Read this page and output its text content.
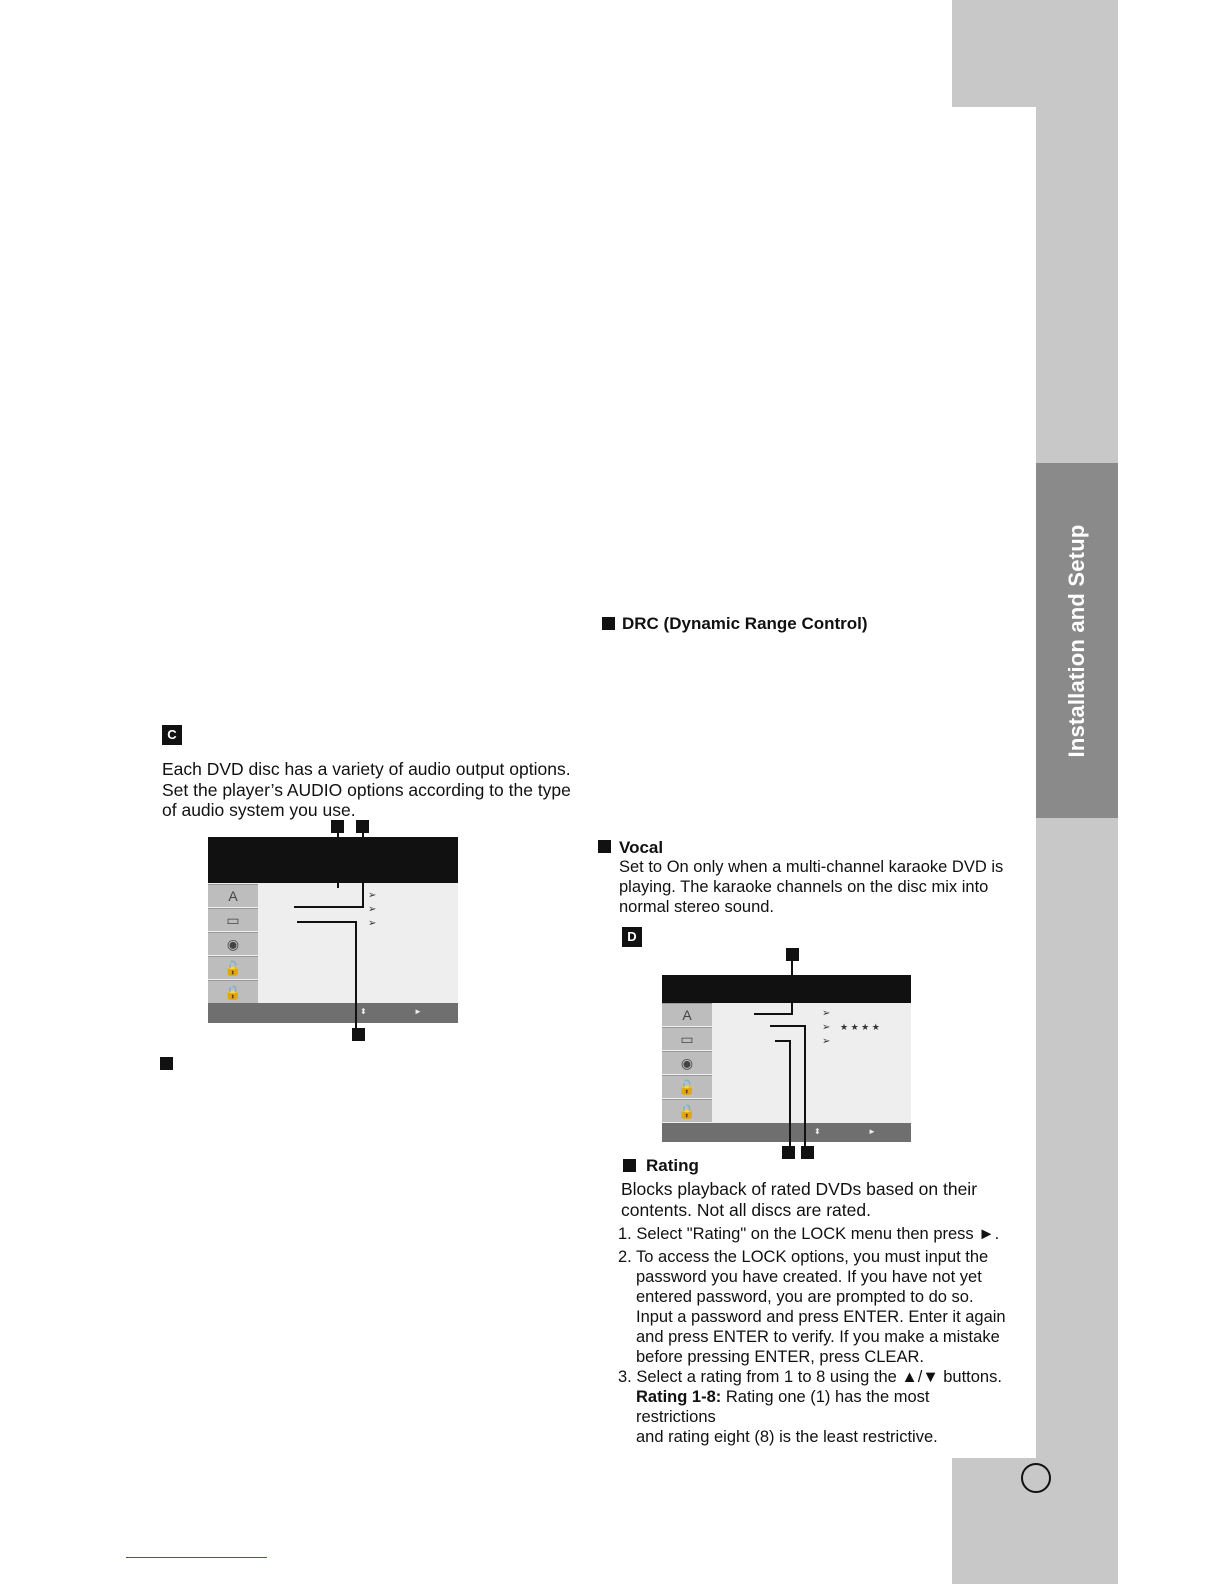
Installation and Setup
C
Each DVD disc has a variety of audio output options.
Set the player’s AUDIO options according to the type
of audio system you use.
A
▭
◉
🔓
🔒
➢
➢
➢
⬍	►
DRC (Dynamic Range Control)
Vocal
Set to On only when a multi-channel karaoke DVD is
playing. The karaoke channels on the disc mix into
normal stereo sound.
D
A
▭
◉
🔓
🔒
➢
➢ ★ ★ ★ ★
➢
⬍	►
Rating
Blocks playback of rated DVDs based on their
contents. Not all discs are rated.
1. Select "Rating" on the LOCK menu then press ►.
2. To access the LOCK options, you must input the
password you have created. If you have not yet
entered password, you are prompted to do so.
Input a password and press ENTER. Enter it again
and press ENTER to verify. If you make a mistake
before pressing ENTER, press CLEAR.
3. Select a rating from 1 to 8 using the ▲/▼ buttons.
Rating 1-8: Rating one (1) has the most restrictions
and rating eight (8) is the least restrictive.
